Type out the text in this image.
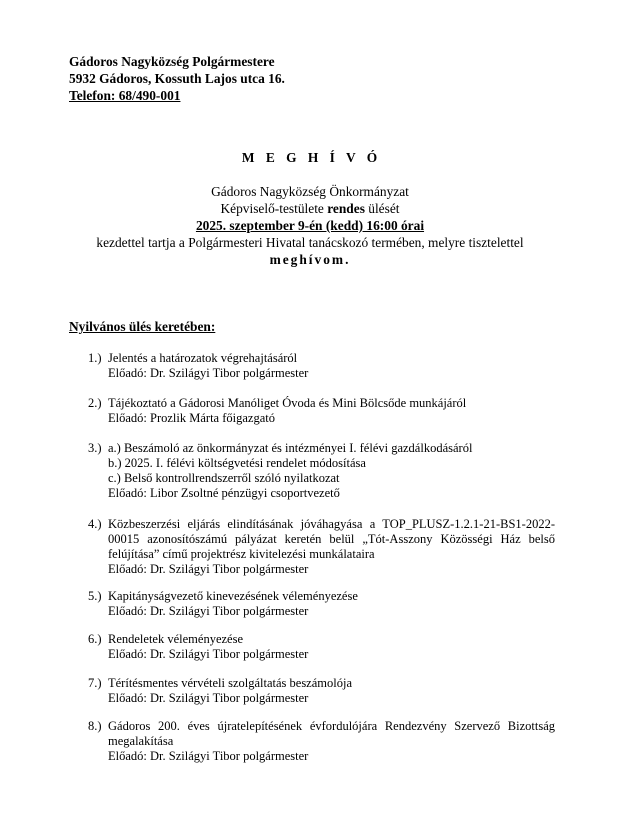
Gádoros Nagyközség Polgármestere
5932 Gádoros, Kossuth Lajos utca 16.
Telefon: 68/490-001
M E G H Í V Ó
Gádoros Nagyközség Önkormányzat
Képviselő-testülete rendes ülését
2025. szeptember 9-én (kedd) 16:00 órai
kezdettel tartja a Polgármesteri Hivatal tanácskozó termében, melyre tisztelettel
meghívom.
Nyilvános ülés keretében:
1.) Jelentés a határozatok végrehajtásáról
Előadó: Dr. Szilágyi Tibor polgármester
2.) Tájékoztató a Gádorosi Manóliget Óvoda és Mini Bölcsőde munkájáról
Előadó: Prozlik Márta főigazgató
3.) a.) Beszámoló az önkormányzat és intézményei I. félévi gazdálkodásáról
b.) 2025. I. félévi költségvetési rendelet módosítása
c.) Belső kontrollrendszerről szóló nyilatkozat
Előadó: Libor Zsoltné pénzügyi csoportvezető
4.) Közbeszerzési eljárás elindításának jóváhagyása a TOP_PLUSZ-1.2.1-21-BS1-2022-
00015 azonosítószámú pályázat keretén belül „Tót-Asszony Közösségi Ház belső
felújítása” című projektrész kivitelezési munkálataira
Előadó: Dr. Szilágyi Tibor polgármester
5.) Kapitányságvezető kinevezésének véleményezése
Előadó: Dr. Szilágyi Tibor polgármester
6.) Rendeletek véleményezése
Előadó: Dr. Szilágyi Tibor polgármester
7.) Térítésmentes vérvételi szolgáltatás beszámolója
Előadó: Dr. Szilágyi Tibor polgármester
8.) Gádoros 200. éves újratelepítésének évfordulójára Rendezvény Szervező Bizottság
megalakítása
Előadó: Dr. Szilágyi Tibor polgármester
